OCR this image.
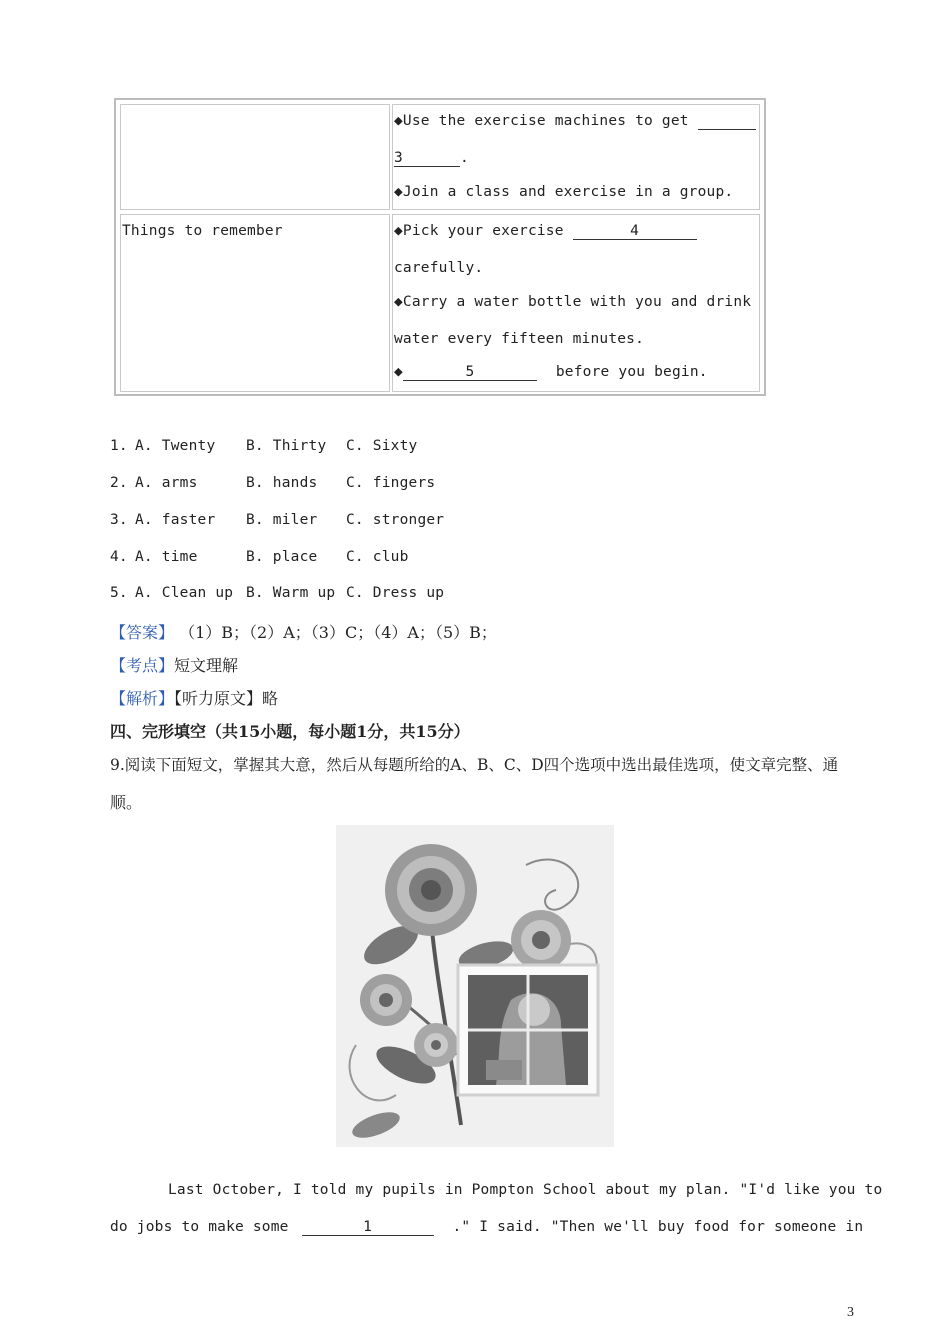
◆Use the exercise machines to get
3	.
◆Join a class and exercise in a group.
Things to remember	◆Pick your exercise	4
carefully.
◆Carry a water bottle with you and drink
water every fifteen minutes.
◆	5	before you begin.
1. A. Twenty B. Thirty C. Sixty
2. A. arms	B. hands C. fingers
3. A. faster B. miler C. stronger
4. A. time	B. place C. club
5. A. Clean up B. Warm up C. Dress up
【答案】 （1）B；（2）A；（3）C；（4）A；（5）B；
【考点】短文理解
【解析】【听力原文】略
四、完形填空（共15小题，每小题1分，共15分）
9.阅读下面短文，掌握其大意，然后从每题所给的A、B、C、D四个选项中选出最佳选项，使文章完整、通
顺。
Last October, I told my pupils in Pompton School about my plan. "I'd like you to
do jobs to make some	1	." I said. "Then we'll buy food for someone in
3
